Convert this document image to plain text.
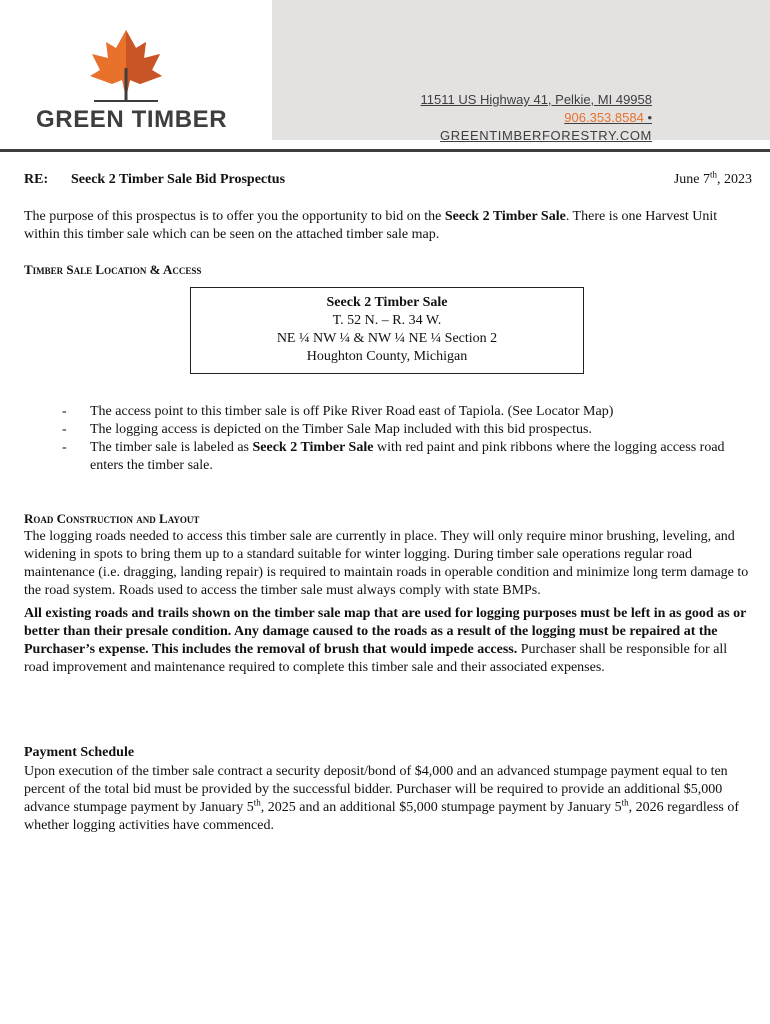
GREEN TIMBER
11511 US Highway 41, Pelkie, MI 49958
906.353.8584 •
GREENTIMBERFORESTRY.COM
RE: Seeck 2 Timber Sale Bid Prospectus	June 7th, 2023
The purpose of this prospectus is to offer you the opportunity to bid on the Seeck 2 Timber Sale. There is one Harvest Unit within this timber sale which can be seen on the attached timber sale map.
Timber Sale Location & Access
Seeck 2 Timber Sale
T. 52 N. – R. 34 W.
NE ¼ NW ¼ & NW ¼ NE ¼ Section 2
Houghton County, Michigan
- The access point to this timber sale is off Pike River Road east of Tapiola. (See Locator Map)
- The logging access is depicted on the Timber Sale Map included with this bid prospectus.
- The timber sale is labeled as Seeck 2 Timber Sale with red paint and pink ribbons where the logging access road enters the timber sale.
Road Construction and Layout
The logging roads needed to access this timber sale are currently in place. They will only require minor brushing, leveling, and widening in spots to bring them up to a standard suitable for winter logging. During timber sale operations regular road maintenance (i.e. dragging, landing repair) is required to maintain roads in operable condition and minimize long term damage to the road system. Roads used to access the timber sale must always comply with state BMPs.
All existing roads and trails shown on the timber sale map that are used for logging purposes must be left in as good as or better than their presale condition. Any damage caused to the roads as a result of the logging must be repaired at the Purchaser’s expense. This includes the removal of brush that would impede access. Purchaser shall be responsible for all road improvement and maintenance required to complete this timber sale and their associated expenses.
Payment Schedule
Upon execution of the timber sale contract a security deposit/bond of $4,000 and an advanced stumpage payment equal to ten percent of the total bid must be provided by the successful bidder. Purchaser will be required to provide an additional $5,000 advance stumpage payment by January 5th, 2025 and an additional $5,000 stumpage payment by January 5th, 2026 regardless of whether logging activities have commenced.
